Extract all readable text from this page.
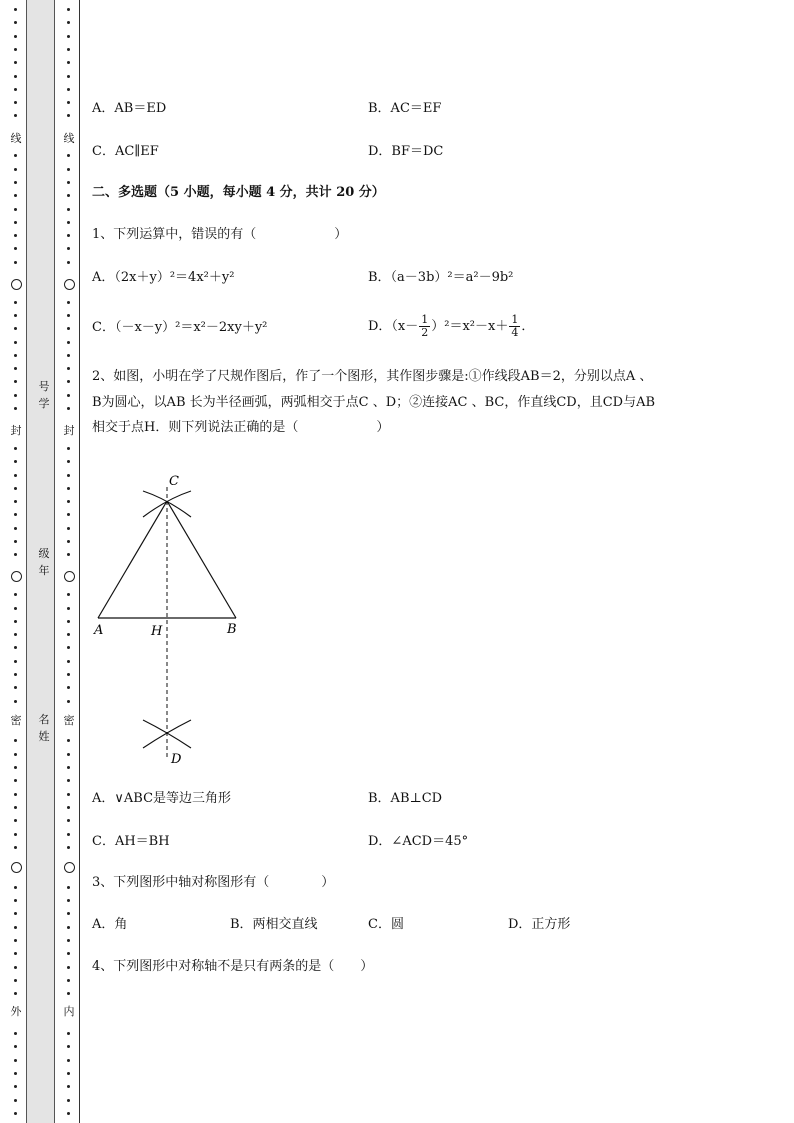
线
封
密
外
线
封
密
内
号学
级年
名姓
A．AB＝ED	B．AC＝EF
C．AC∥EF	D．BF＝DC
二、多选题（5 小题，每小题 4 分，共计 20 分）
1、下列运算中，错误的有（　　　　　　）
A．（2x＋y）²＝4x²＋y²	B．（a－3b）²＝a²－9b²
C．（－x－y）²＝x²－2xy＋y²	D．$(x- \frac{1}{2} )^2=x^2-x+ \frac{1}{4}$ ．
2、如图，小明在学了尺规作图后，作了一个图形，其作图步骤是:①作线段AB＝2，分别以点A 、
B为圆心，以AB 长为半径画弧，两弧相交于点C 、D；②连接AC 、BC，作直线CD，且CD与AB
相交于点H．则下列说法正确的是（　　　　　　）
C
A	H	B
D
A．∨ABC是等边三角形	B．AB⊥CD
C．AH＝BH	D．∠ACD＝45°
3、下列图形中轴对称图形有（　　　　）
A．角	B．两相交直线	C．圆	D．正方形
4、下列图形中对称轴不是只有两条的是（　　）
